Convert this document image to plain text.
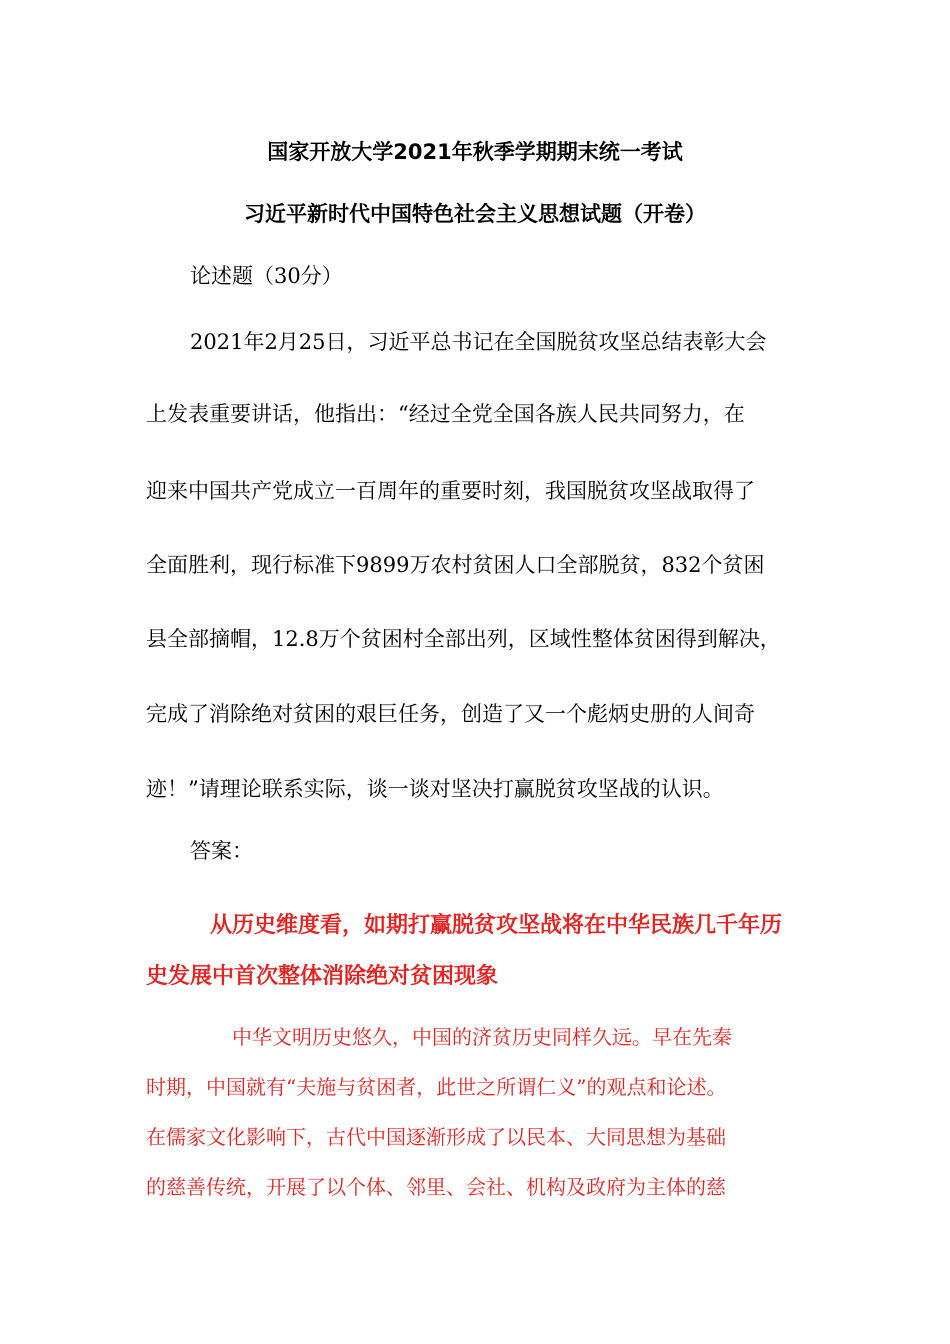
国家开放大学2021年秋季学期期末统一考试
习近平新时代中国特色社会主义思想试题（开卷）
论述题（30分）
2021年2月25日，习近平总书记在全国脱贫攻坚总结表彰大会
上发表重要讲话，他指出：“经过全党全国各族人民共同努力，在
迎来中国共产党成立一百周年的重要时刻，我国脱贫攻坚战取得了
全面胜利，现行标准下9899万农村贫困人口全部脱贫，832个贫困
县全部摘帽，12.8万个贫困村全部出列，区域性整体贫困得到解决，
完成了消除绝对贫困的艰巨任务，创造了又一个彪炳史册的人间奇
迹！”请理论联系实际，谈一谈对坚决打赢脱贫攻坚战的认识。
答案：
从历史维度看，如期打赢脱贫攻坚战将在中华民族几千年历
史发展中首次整体消除绝对贫困现象
中华文明历史悠久，中国的济贫历史同样久远。早在先秦
时期，中国就有“夫施与贫困者，此世之所谓仁义”的观点和论述。
在儒家文化影响下，古代中国逐渐形成了以民本、大同思想为基础
的慈善传统，开展了以个体、邻里、会社、机构及政府为主体的慈
